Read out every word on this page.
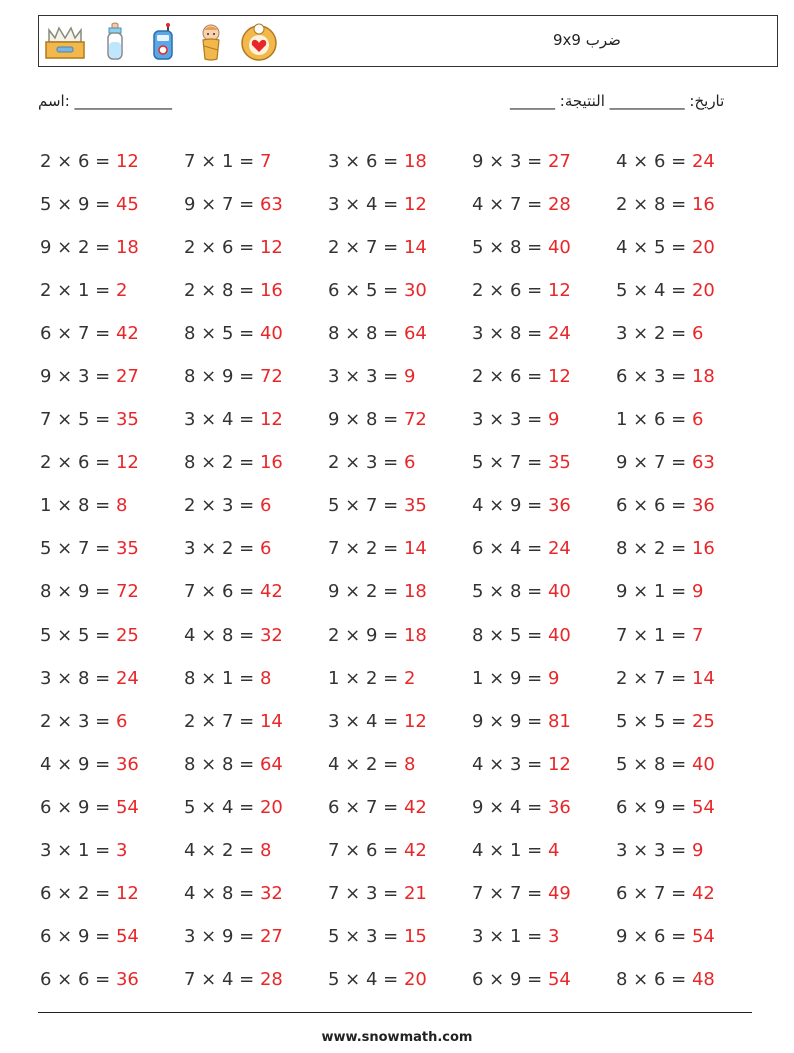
ضرب 9x9
اسم: _____________	______ :تاريخ: __________ النتيجة
2 × 6 = 12	7 × 1 = 7	3 × 6 = 18	9 × 3 = 27	4 × 6 = 24
5 × 9 = 45	9 × 7 = 63	3 × 4 = 12	4 × 7 = 28	2 × 8 = 16
9 × 2 = 18	2 × 6 = 12	2 × 7 = 14	5 × 8 = 40	4 × 5 = 20
2 × 1 = 2	2 × 8 = 16	6 × 5 = 30	2 × 6 = 12	5 × 4 = 20
6 × 7 = 42	8 × 5 = 40	8 × 8 = 64	3 × 8 = 24	3 × 2 = 6
9 × 3 = 27	8 × 9 = 72	3 × 3 = 9	2 × 6 = 12	6 × 3 = 18
7 × 5 = 35	3 × 4 = 12	9 × 8 = 72	3 × 3 = 9	1 × 6 = 6
2 × 6 = 12	8 × 2 = 16	2 × 3 = 6	5 × 7 = 35	9 × 7 = 63
1 × 8 = 8	2 × 3 = 6	5 × 7 = 35	4 × 9 = 36	6 × 6 = 36
5 × 7 = 35	3 × 2 = 6	7 × 2 = 14	6 × 4 = 24	8 × 2 = 16
8 × 9 = 72	7 × 6 = 42	9 × 2 = 18	5 × 8 = 40	9 × 1 = 9
5 × 5 = 25	4 × 8 = 32	2 × 9 = 18	8 × 5 = 40	7 × 1 = 7
3 × 8 = 24	8 × 1 = 8	1 × 2 = 2	1 × 9 = 9	2 × 7 = 14
2 × 3 = 6	2 × 7 = 14	3 × 4 = 12	9 × 9 = 81	5 × 5 = 25
4 × 9 = 36	8 × 8 = 64	4 × 2 = 8	4 × 3 = 12	5 × 8 = 40
6 × 9 = 54	5 × 4 = 20	6 × 7 = 42	9 × 4 = 36	6 × 9 = 54
3 × 1 = 3	4 × 2 = 8	7 × 6 = 42	4 × 1 = 4	3 × 3 = 9
6 × 2 = 12	4 × 8 = 32	7 × 3 = 21	7 × 7 = 49	6 × 7 = 42
6 × 9 = 54	3 × 9 = 27	5 × 3 = 15	3 × 1 = 3	9 × 6 = 54
6 × 6 = 36	7 × 4 = 28	5 × 4 = 20	6 × 9 = 54	8 × 6 = 48
www.snowmath.com
